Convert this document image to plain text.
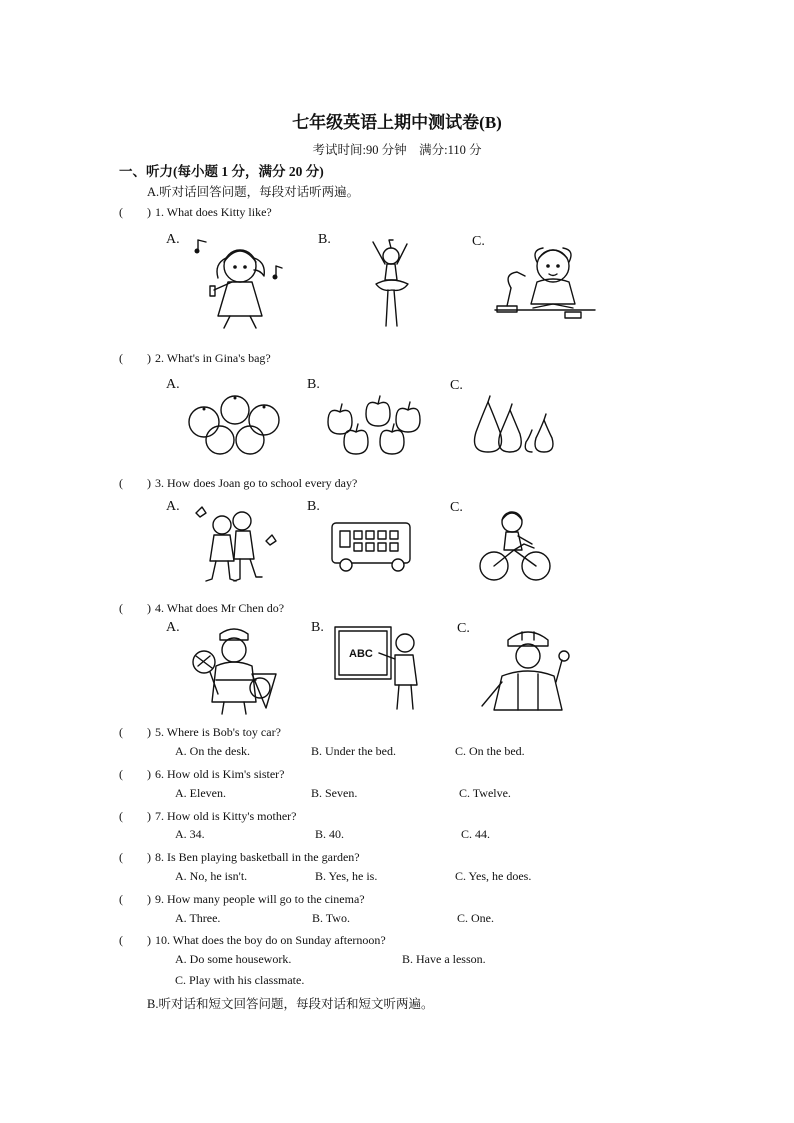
七年级英语上期中测试卷(B)
考试时间:90 分钟　满分:110 分
一、听力(每小题 1 分，满分 20 分)
A.听对话回答问题，每段对话听两遍。
(　　) 1. What does Kitty like?
A.	B.	C.
(　　) 2. What's in Gina's bag?
A.	B.	C.
(　　) 3. How does Joan go to school every day?
A.	B.	C.
(　　) 4. What does Mr Chen do?
A.	B.	C.
ABC
(　　) 5. Where is Bob's toy car?
A. On the desk.	B. Under the bed.	C. On the bed.
(　　) 6. How old is Kim's sister?
A. Eleven.	B. Seven.	C. Twelve.
(　　) 7. How old is Kitty's mother?
A. 34.	B. 40.	C. 44.
(　　) 8. Is Ben playing basketball in the garden?
A. No, he isn't.	B. Yes, he is.	C. Yes, he does.
(　　) 9. How many people will go to the cinema?
A. Three.	B. Two.	C. One.
(　　) 10. What does the boy do on Sunday afternoon?
A. Do some housework.	B. Have a lesson.
C. Play with his classmate.
B.听对话和短文回答问题，每段对话和短文听两遍。
